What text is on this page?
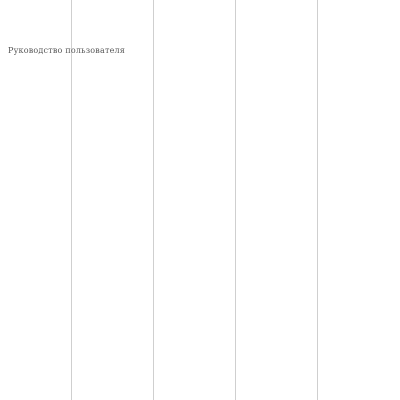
Руководство пользователя
